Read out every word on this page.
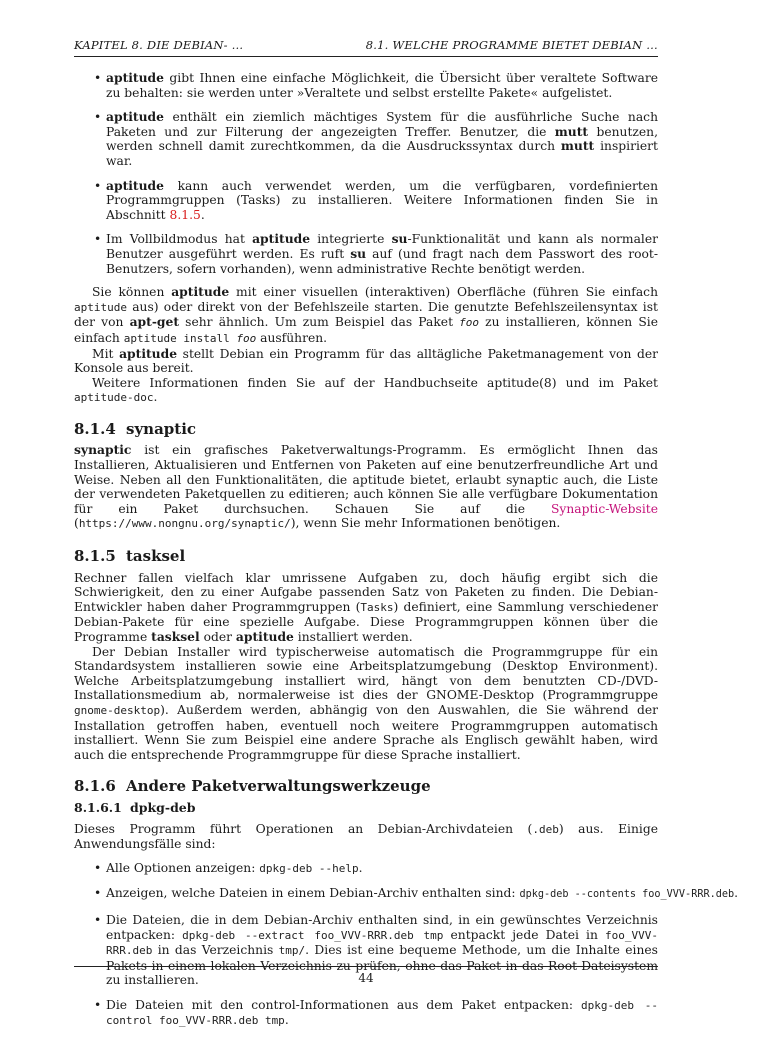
KAPITEL 8. DIE DEBIAN- …	8.1. WELCHE PROGRAMME BIETET DEBIAN …
• aptitude gibt Ihnen eine einfache Möglichkeit, die Übersicht über veraltete Software zu behalten: sie werden unter »Veraltete und selbst erstellte Pakete« aufgelistet.
• aptitude enthält ein ziemlich mächtiges System für die ausführliche Suche nach Paketen und zur Filterung der angezeigten Treffer. Benutzer, die mutt benutzen, werden schnell damit zurechtkommen, da die Ausdruckssyntax durch mutt inspiriert war.
• aptitude kann auch verwendet werden, um die verfügbaren, vordefinierten Programmgruppen (Tasks) zu installieren. Weitere Informationen finden Sie in Abschnitt 8.1.5.
• Im Vollbildmodus hat aptitude integrierte su-Funktionalität und kann als normaler Benutzer ausgeführt werden. Es ruft su auf (und fragt nach dem Passwort des root-Benutzers, sofern vorhanden), wenn administrative Rechte benötigt werden.

Sie können aptitude mit einer visuellen (interaktiven) Oberfläche (führen Sie einfach aptitude aus) oder direkt von der Befehlszeile starten. Die genutzte Befehlszeilensyntax ist der von apt-get sehr ähnlich. Um zum Beispiel das Paket foo zu installieren, können Sie einfach aptitude install foo ausführen.

Mit aptitude stellt Debian ein Programm für das alltägliche Paketmanagement von der Konsole aus bereit.

Weitere Informationen finden Sie auf der Handbuchseite aptitude(8) und im Paket aptitude-doc.

8.1.4 synaptic

synaptic ist ein grafisches Paketverwaltungs-Programm. Es ermöglicht Ihnen das Installieren, Aktualisieren und Entfernen von Paketen auf eine benutzerfreundliche Art und Weise. Neben all den Funktionalitäten, die aptitude bietet, erlaubt synaptic auch, die Liste der verwendeten Paketquellen zu editieren; auch können Sie alle verfügbare Dokumentation für ein Paket durchsuchen. Schauen Sie auf die Synaptic-Website (https://www.nongnu.org/synaptic/), wenn Sie mehr Informationen benötigen.

8.1.5 tasksel

Rechner fallen vielfach klar umrissene Aufgaben zu, doch häufig ergibt sich die Schwierigkeit, den zu einer Aufgabe passenden Satz von Paketen zu finden. Die Debian-Entwickler haben daher Programmgruppen (Tasks) definiert, eine Sammlung verschiedener Debian-Pakete für eine spezielle Aufgabe. Diese Programmgruppen können über die Programme tasksel oder aptitude installiert werden.

Der Debian Installer wird typischerweise automatisch die Programmgruppe für ein Standardsystem installieren sowie eine Arbeitsplatzumgebung (Desktop Environment). Welche Arbeitsplatzumgebung installiert wird, hängt von dem benutzten CD-/DVD-Installationsmedium ab, normalerweise ist dies der GNOME-Desktop (Programmgruppe gnome-desktop). Außerdem werden, abhängig von den Auswahlen, die Sie während der Installation getroffen haben, eventuell noch weitere Programmgruppen automatisch installiert. Wenn Sie zum Beispiel eine andere Sprache als Englisch gewählt haben, wird auch die entsprechende Programmgruppe für diese Sprache installiert.

8.1.6 Andere Paketverwaltungswerkzeuge
8.1.6.1 dpkg-deb

Dieses Programm führt Operationen an Debian-Archivdateien (.deb) aus. Einige Anwendungsfälle sind:

• Alle Optionen anzeigen: dpkg-deb --help.
• Anzeigen, welche Dateien in einem Debian-Archiv enthalten sind: dpkg-deb --contents foo_VVV-RRR.deb.
• Die Dateien, die in dem Debian-Archiv enthalten sind, in ein gewünschtes Verzeichnis entpacken: dpkg-deb --extract foo_VVV-RRR.deb tmp entpackt jede Datei in foo_VVV-RRR.deb in das Verzeichnis tmp/. Dies ist eine bequeme Methode, um die Inhalte eines Pakets in einem lokalen Verzeichnis zu prüfen, ohne das Paket in das Root-Dateisystem zu installieren.
• Die Dateien mit den control-Informationen aus dem Paket entpacken: dpkg-deb --control foo_VVV-RRR.deb tmp.
44
